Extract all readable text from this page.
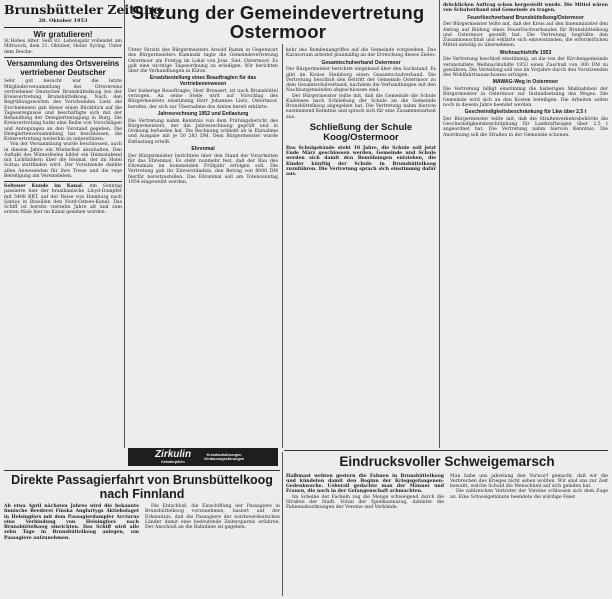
Brunsbütteler Zeitung
20. Oktober 1953
Wir gratulieren!

St.Hohes Alter. Sein 83. Lebensjahr vollendet am Mittwoch, dem 21. Oktober, Heinr. Syring, Unter dem Deiche.

Versammlung des Ortsvereins vertriebener Deutscher

Sehr gut besucht war die letzte Mitgliederversammlung des Ortsvereins vertriebener Deutscher Brunsbüttelkoog bei der Kreisvertretung Brunsbüttelkoog. Nach den Begrüßungsworten des Vorsitzenden Lietz die Erschienenen gab dieser einen Rückblick auf die Tagesereignisse und beschäftigte sich mit der Behandlung der Delegiertentagung in Burg. Die Kreisvertretung hatte eine Reihe von Vorschlägen und Anregungen an den Vorstand gegeben. Die Delegiertenversammlung hat beschlossen, die Kreisvertretung weiterhin zu unterstützen.

Von der Versammlung wurde beschlossen, auch in diesem Jahre ein Winterfest abzuhalten. Den Auftakt des Winterfestes bildet ein Heimatabend mit Lichtbildern über die Heimat, der im Hotel Soltau stattfinden wird. Der Vorsitzende dankte allen Anwesenden für ihre Treue und die rege Beteiligung am Vereinsleben.

Seltener Kunde im Kanal. Am Sonntag passierte hier der brasilianische Lloyd-Dampfer mit 5400 BRT, auf der Reise von Hamburg nach Santos in Brasilien den Nord-Ostsee-Kanal. Das Schiff ist bereits vierzehn Jahre alt und zum ersten Male hier im Kanal gesehen worden.

Sitzung der Gemeindevertretung Ostermoor

Unter Vorsitz des Bürgermeisters Arnold Ramm in Gegenwart des Bürgermeisters Kaminski tagte die Gemeindevertretung Ostermoor am Freitag im Lokal von Jons. Siet, Ostermoor. Es galt eine wichtige Tagesordnung zu erledigen. Wir berichten über die Verhandlungen in Kürze.

Ersatzbestellung eines Beauftragten für das Vertriebenenwesen

Der bisherige Beauftragte, Herr Bronsert, ist nach Brunsbüttel verzogen. An seine Stelle wird auf Vorschlag des Bürgermeisters einstimmig Herr Johannes Lietz, Ostermoor, berufen, der sich zur Übernahme des Amtes bereit erklärte.

Jahresrechnung 1952 und Entlastung

Die Vertretung nahm Kenntnis von dem Prüfungsbericht des Bürgermeisters, der die Jahresrechnung geprüft und in Ordnung befunden hat. Die Rechnung schließt ab in Einnahme und Ausgabe mit je 50 283 DM. Dem Bürgermeister wurde Entlastung erteilt.

Ehrenmal

Der Bürgermeister berichtete über den Stand der Vorarbeiten für das Ehrenmal. Es steht nunmehr fest, daß der Bau des Ehrenmals im kommenden Frühjahr erfolgen soll. Die Vertretung gab ihr Einverständnis, den Betrag von 8000 DM hierfür bereitzustellen. Das Ehrenmal soll am Totensonntag 1954 eingeweiht werden.

Zirkulin
Kräuterpillen
Kreislaufstörungen Verdauungsstörungen

kehr des Bombenangriffes auf die Gemeinde vorgesehen. Das Kuratorium arbeitet planmäßig an der Erreichung dieses Zieles.

Gesamtschulverband Ostermoor

Der Bürgermeister berichtet eingehend über den Sachstand. Es gibt im Kreise Steinburg einen Gesamtschulverband. Die Vertretung beschloß den Beitritt der Gemeinde Ostermoor zu dem Gesamtschulverband, nachdem die Verhandlungen mit den Nachbargemeinden abgeschlossen sind.

Der Bürgermeister teilte mit, daß die Gemeinde die Schule Kudensee nach Schließung der Schule an die Gemeinde Brunsbüttelkoog abgegeben hat. Die Vertretung nahm hiervon zustimmend Kenntnis und sprach sich für eine Zusammenarbeit aus.

Schließung der Schule Koog/Ostermoor

Das Schulgebäude steht 10 Jahre, die Schule soll jetzt Ende März geschlossen werden. Gemeinde und Schule werden sich damit den Bemühungen entziehen, die Kinder künftig der Schule in Brunsbüttelkoog zuzuführen. Die Vertretung sprach sich einstimmig dafür aus.

drücklichen Auftrag schon hergestellt wurde. Die Mittel wären von Schulverband und Gemeinde zu tragen.

Feuerlöschverband Brunsbüttelkoog/Ostermoor

Der Bürgermeister teilte mit, daß der Kreis auf den Innenminister den Antrag auf Bildung eines Feuerlöschverbandes für Brunsbüttelkoog und Ostermoor gestellt hat. Die Vertretung begrüßte den Zusammenschluß und erklärte sich einverstanden, die erforderlichen Mittel anteilig zu übernehmen.

Weihnachtshilfe 1953

Die Vertretung beschloß einstimmig, an die von der Kirchengemeinde veranstaltete Weihnachtshilfe 1953 einen Zuschuß von 300 DM zu gewähren. Die Verteilung soll wie im Vorjahre durch den Vorsitzenden des Wohlfahrtsausschusses erfolgen.

MAWAG-Weg in Ostermoor

Die Vertretung billigt einstimmig die bisherigen Maßnahmen der Bürgermeister in Ostermoor zur Instandsetzung des Weges. Die Gemeinde wird sich an den Kosten beteiligen. Die Arbeiten sollen noch in diesem Jahre beendet werden.

Geschwindigkeitsbeschränkung für Lkw über 2,5 t

Der Bürgermeister teilte mit, daß die Straßenverkehrsbehörde die Geschwindigkeitsbeschränkung für Lastkraftwagen über 2,5 t angeordnet hat. Die Vertretung nahm hiervon Kenntnis. Die Anordnung soll die Straßen in der Gemeinde schonen.

Direkte Passagierfahrt von Brunsbüttelkoog nach Finnland

Ab etwa April nächsten Jahres wird die bekannte finnische Reederei Finska Angfartygs Aktiebolaget in Helsingfors mit dem Passagierdampfer Arcturus eine Verbindung von Helsingfors nach Brunsbüttelkoog einrichten. Das Schiff wird alle zehn Tage in Brunsbüttelkoog anlegen, um Passagiere aufzunehmen.

Die Entschluß, die Einschiffung der Passagiere in Brunsbüttelkoog vorzunehmen, basiert auf der Erkenntnis, daß die Passagiere der nordwestdeutschen Länder damit eine bedeutende Zeitersparnis erfahren. Der Anschluß an die Bahnlinie ist gegeben.

Eindrucksvoller Schweigemarsch

Halbmast wehten gestern die Fahnen in Brunsbüttelkoog und kündeten damit den Beginn der Kriegsgefangenen-Gedenkwoche. Ueberall gedachte man der Männer und Frauen, die noch in der Gefangenschaft schmachten.

Im Scheine der Fackeln zog die Menge schweigend durch die Straßen der Stadt. Voran der Spielmannszug, dahinter die Fahnenabordnungen der Vereine und Verbände.

Man habe uns jahrelang den Vorwurf gemacht, daß wir die Verbrechen des Krieges nicht sehen wollten. Wir sind uns zur Zeit bewußt, welche Schuld die Menschheit auf sich geladen hat.

Die zahlreichen Vertreter der Vereine schlossen sich dem Zuge an. Eine Schweigeminute beendete die würdige Feier.
